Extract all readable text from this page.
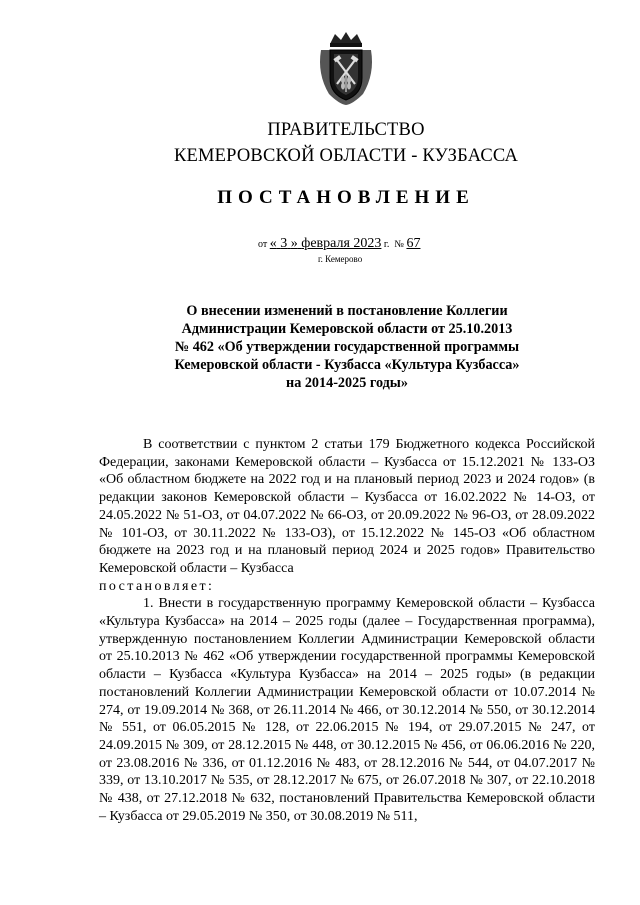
ПРАВИТЕЛЬСТВО
КЕМЕРОВСКОЙ ОБЛАСТИ - КУЗБАССА
ПОСТАНОВЛЕНИЕ
от « 3 » февраля 2023 г. № 67
г. Кемерово
О внесении изменений в постановление Коллегии
Администрации Кемеровской области от 25.10.2013
№ 462 «Об утверждении государственной программы
Кемеровской области - Кузбасса «Культура Кузбасса»
на 2014-2025 годы»

В соответствии с пунктом 2 статьи 179 Бюджетного кодекса Российской Федерации, законами Кемеровской области – Кузбасса от 15.12.2021 № 133-ОЗ «Об областном бюджете на 2022 год и на плановый период 2023 и 2024 годов» (в редакции законов Кемеровской области – Кузбасса от 16.02.2022 № 14-ОЗ, от 24.05.2022 № 51-ОЗ, от 04.07.2022 № 66-ОЗ, от 20.09.2022 № 96-ОЗ, от 28.09.2022 № 101-ОЗ, от 30.11.2022 № 133-ОЗ), от 15.12.2022 № 145-ОЗ «Об областном бюджете на 2023 год и на плановый период 2024 и 2025 годов» Правительство Кемеровской области – Кузбасса

постановляет:

1. Внести в государственную программу Кемеровской области – Кузбасса «Культура Кузбасса» на 2014 – 2025 годы (далее – Государственная программа), утвержденную постановлением Коллегии Администрации Кемеровской области от 25.10.2013 № 462 «Об утверждении государственной программы Кемеровской области – Кузбасса «Культура Кузбасса» на 2014 – 2025 годы» (в редакции постановлений Коллегии Администрации Кемеровской области от 10.07.2014 № 274, от 19.09.2014 № 368, от 26.11.2014 № 466, от 30.12.2014 № 550, от 30.12.2014 № 551, от 06.05.2015 № 128, от 22.06.2015 № 194, от 29.07.2015 № 247, от 24.09.2015 № 309, от 28.12.2015 № 448, от 30.12.2015 № 456, от 06.06.2016 № 220, от 23.08.2016 № 336, от 01.12.2016 № 483, от 28.12.2016 № 544, от 04.07.2017 № 339, от 13.10.2017 № 535, от 28.12.2017 № 675, от 26.07.2018 № 307, от 22.10.2018 № 438, от 27.12.2018 № 632, постановлений Правительства Кемеровской области – Кузбасса от 29.05.2019 № 350, от 30.08.2019 № 511,
